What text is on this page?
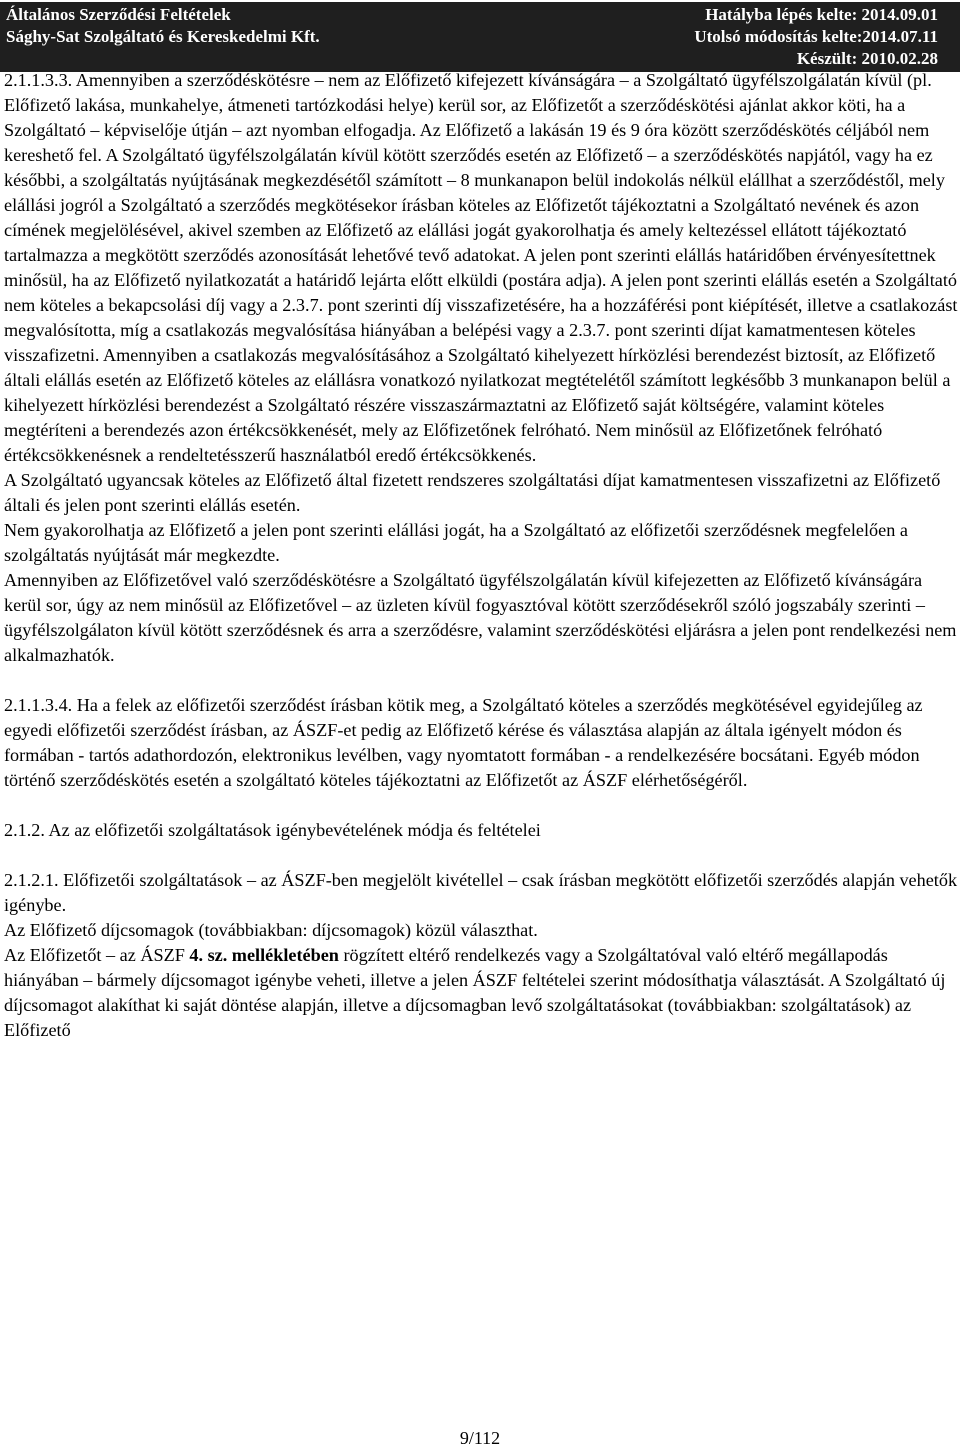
Általános Szerződési Feltételek
Sághy-Sat Szolgáltató és Kereskedelmi Kft.
Hatályba lépés kelte: 2014.09.01
Utolsó módosítás kelte:2014.07.11
Készült: 2010.02.28

2.1.1.3.3. Amennyiben a szerződéskötésre – nem az Előfizető kifejezett kívánságára – a Szolgáltató ügyfélszolgálatán kívül (pl. Előfizető lakása, munkahelye, átmeneti tartózkodási helye) kerül sor, az Előfizetőt a szerződéskötési ajánlat akkor köti, ha a Szolgáltató – képviselője útján – azt nyomban elfogadja. Az Előfizető a lakásán 19 és 9 óra között szerződéskötés céljából nem kereshető fel. A Szolgáltató ügyfélszolgálatán kívül kötött szerződés esetén az Előfizető – a szerződéskötés napjától, vagy ha ez későbbi, a szolgáltatás nyújtásának megkezdésétől számított – 8 munkanapon belül indokolás nélkül elállhat a szerződéstől, mely elállási jogról a Szolgáltató a szerződés megkötésekor írásban köteles az Előfizetőt tájékoztatni a Szolgáltató nevének és azon címének megjelölésével, akivel szemben az Előfizető az elállási jogát gyakorolhatja és amely keltezéssel ellátott tájékoztató tartalmazza a megkötött szerződés azonosítását lehetővé tevő adatokat. A jelen pont szerinti elállás határidőben érvényesítettnek minősül, ha az Előfizető nyilatkozatát a határidő lejárta előtt elküldi (postára adja). A jelen pont szerinti elállás esetén a Szolgáltató nem köteles a bekapcsolási díj vagy a 2.3.7. pont szerinti díj visszafizetésére, ha a hozzáférési pont kiépítését, illetve a csatlakozást megvalósította, míg a csatlakozás megvalósítása hiányában a belépési vagy a 2.3.7. pont szerinti díjat kamatmentesen köteles visszafizetni. Amennyiben a csatlakozás megvalósításához a Szolgáltató kihelyezett hírközlési berendezést biztosít, az Előfizető általi elállás esetén az Előfizető köteles az elállásra vonatkozó nyilatkozat megtételétől számított legkésőbb 3 munkanapon belül a kihelyezett hírközlési berendezést a Szolgáltató részére visszaszármaztatni az Előfizető saját költségére, valamint köteles megtéríteni a berendezés azon értékcsökkenését, mely az Előfizetőnek felróható. Nem minősül az Előfizetőnek felróható értékcsökkenésnek a rendeltetésszerű használatból eredő értékcsökkenés.

A Szolgáltató ugyancsak köteles az Előfizető által fizetett rendszeres szolgáltatási díjat kamatmentesen visszafizetni az Előfizető általi és jelen pont szerinti elállás esetén.

Nem gyakorolhatja az Előfizető a jelen pont szerinti elállási jogát, ha a Szolgáltató az előfizetői szerződésnek megfelelően a szolgáltatás nyújtását már megkezdte.

Amennyiben az Előfizetővel való szerződéskötésre a Szolgáltató ügyfélszolgálatán kívül kifejezetten az Előfizető kívánságára kerül sor, úgy az nem minősül az Előfizetővel – az üzleten kívül fogyasztóval kötött szerződésekről szóló jogszabály szerinti – ügyfélszolgálaton kívül kötött szerződésnek és arra a szerződésre, valamint szerződéskötési eljárásra a jelen pont rendelkezési nem alkalmazhatók.

2.1.1.3.4. Ha a felek az előfizetői szerződést írásban kötik meg, a Szolgáltató köteles a szerződés megkötésével egyidejűleg az egyedi előfizetői szerződést írásban, az ÁSZF-et pedig az Előfizető kérése és választása alapján az általa igényelt módon és formában - tartós adathordozón, elektronikus levélben, vagy nyomtatott formában - a rendelkezésére bocsátani. Egyéb módon történő szerződéskötés esetén a szolgáltató köteles tájékoztatni az Előfizetőt az ÁSZF elérhetőségéről.

2.1.2. Az az előfizetői szolgáltatások igénybevételének módja és feltételei

2.1.2.1. Előfizetői szolgáltatások – az ÁSZF-ben megjelölt kivétellel – csak írásban megkötött előfizetői szerződés alapján vehetők igénybe.

Az Előfizető díjcsomagok (továbbiakban: díjcsomagok) közül választhat.

Az Előfizetőt – az ÁSZF 4. sz. mellékletében rögzített eltérő rendelkezés vagy a Szolgáltatóval való eltérő megállapodás hiányában – bármely díjcsomagot igénybe veheti, illetve a jelen ÁSZF feltételei szerint módosíthatja választását. A Szolgáltató új díjcsomagot alakíthat ki saját döntése alapján, illetve a díjcsomagban levő szolgáltatásokat (továbbiakban: szolgáltatások) az Előfizető

9/112
